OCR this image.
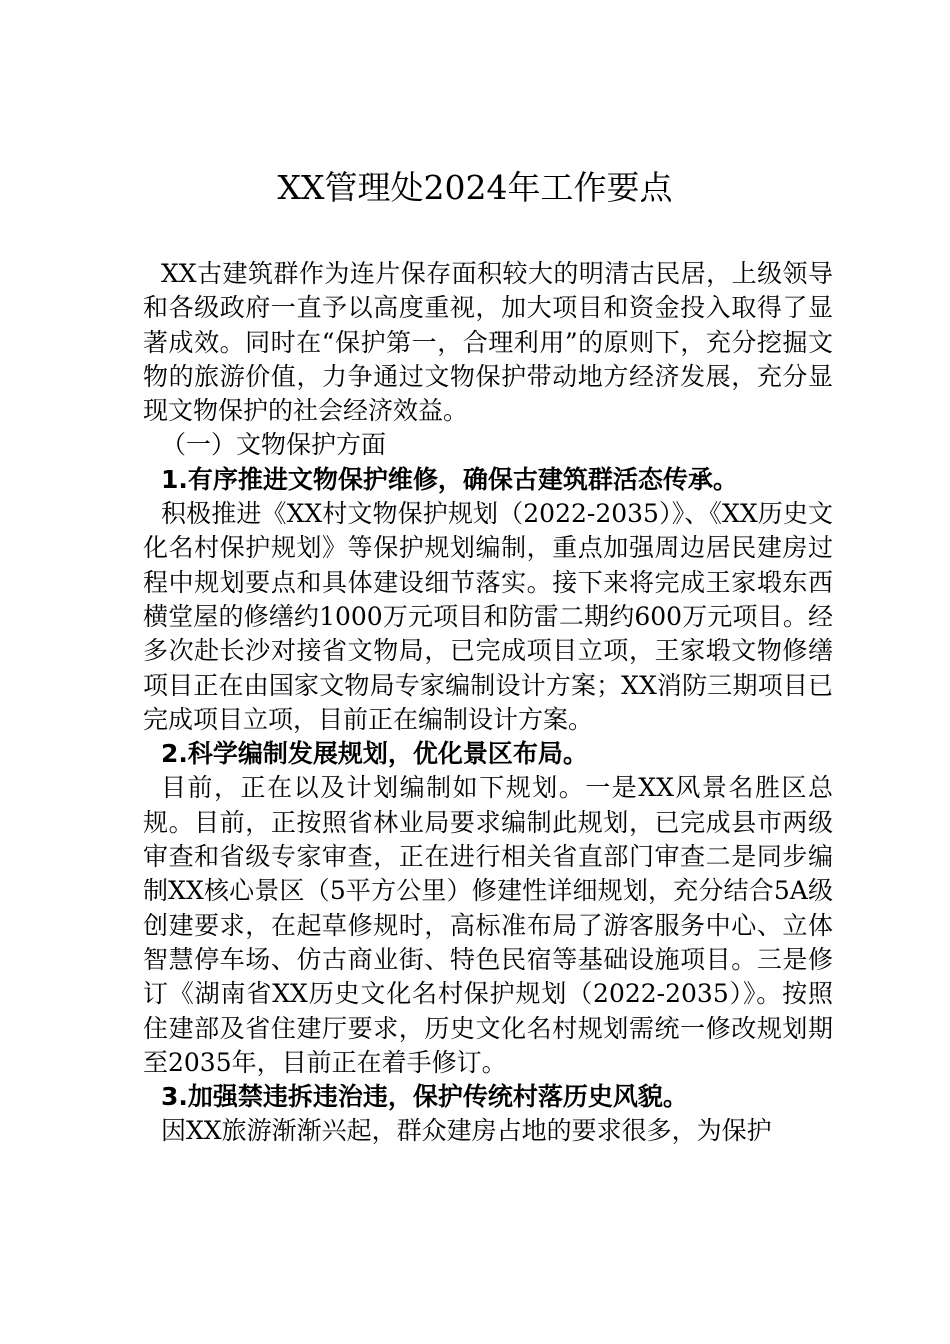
XX管理处2024年工作要点

XX古建筑群作为连片保存面积较大的明清古民居，上级领导和各级政府一直予以高度重视，加大项目和资金投入取得了显著成效。同时在“保护第一，合理利用”的原则下，充分挖掘文物的旅游价值，力争通过文物保护带动地方经济发展，充分显现文物保护的社会经济效益。

（一）文物保护方面

1.有序推进文物保护维修，确保古建筑群活态传承。

积极推进《XX村文物保护规划（2022-2035）》、《XX历史文化名村保护规划》等保护规划编制，重点加强周边居民建房过程中规划要点和具体建设细节落实。接下来将完成王家塅东西横堂屋的修缮约1000万元项目和防雷二期约600万元项目。经多次赴长沙对接省文物局，已完成项目立项，王家塅文物修缮项目正在由国家文物局专家编制设计方案；XX消防三期项目已完成项目立项，目前正在编制设计方案。

2.科学编制发展规划，优化景区布局。

目前，正在以及计划编制如下规划。一是XX风景名胜区总规。目前，正按照省林业局要求编制此规划，已完成县市两级审查和省级专家审查，正在进行相关省直部门审查二是同步编制XX核心景区（5平方公里）修建性详细规划，充分结合5A级创建要求，在起草修规时，高标准布局了游客服务中心、立体智慧停车场、仿古商业街、特色民宿等基础设施项目。三是修订《湖南省XX历史文化名村保护规划（2022-2035）》。按照住建部及省住建厅要求，历史文化名村规划需统一修改规划期至2035年，目前正在着手修订。

3.加强禁违拆违治违，保护传统村落历史风貌。

因XX旅游渐渐兴起，群众建房占地的要求很多，为保护
